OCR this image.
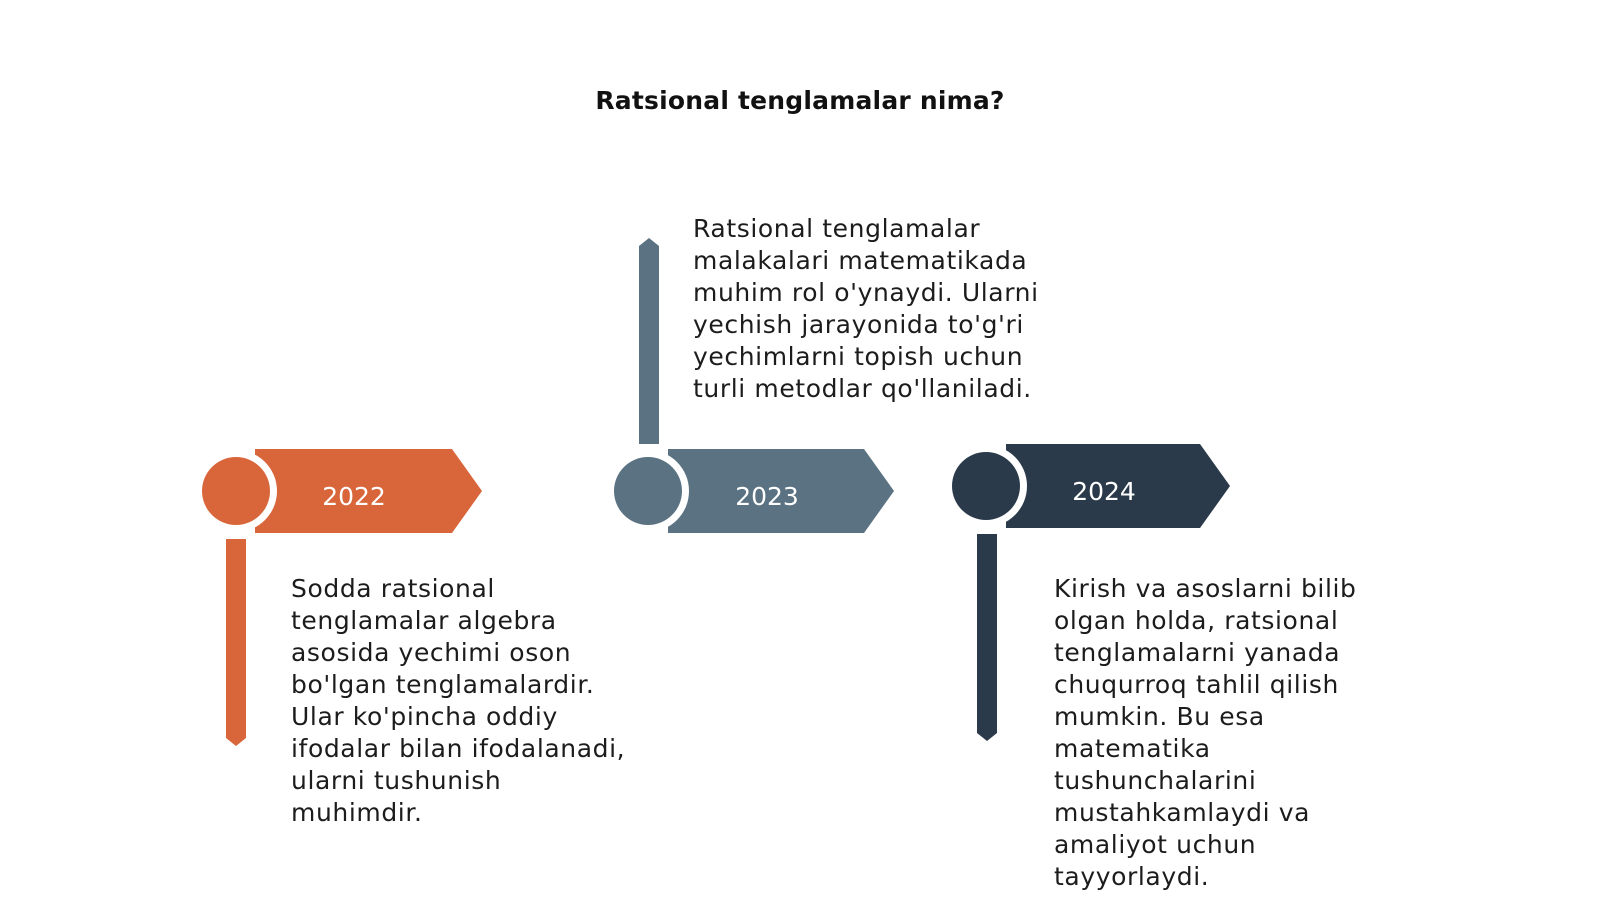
Ratsional tenglamalar nima?
2022	2023	2024

Sodda ratsional tenglamalar algebra asosida yechimi oson bo'lgan tenglamalardir. Ular ko'pincha oddiy ifodalar bilan ifodalanadi, ularni tushunish muhimdir.

Ratsional tenglamalar malakalari matematikada muhim rol o'ynaydi. Ularni yechish jarayonida to'g'ri yechimlarni topish uchun turli metodlar qo'llaniladi.

Kirish va asoslarni bilib olgan holda, ratsional tenglamalarni yanada chuqurroq tahlil qilish mumkin. Bu esa matematika tushunchalarini mustahkamlaydi va amaliyot uchun tayyorlaydi.
